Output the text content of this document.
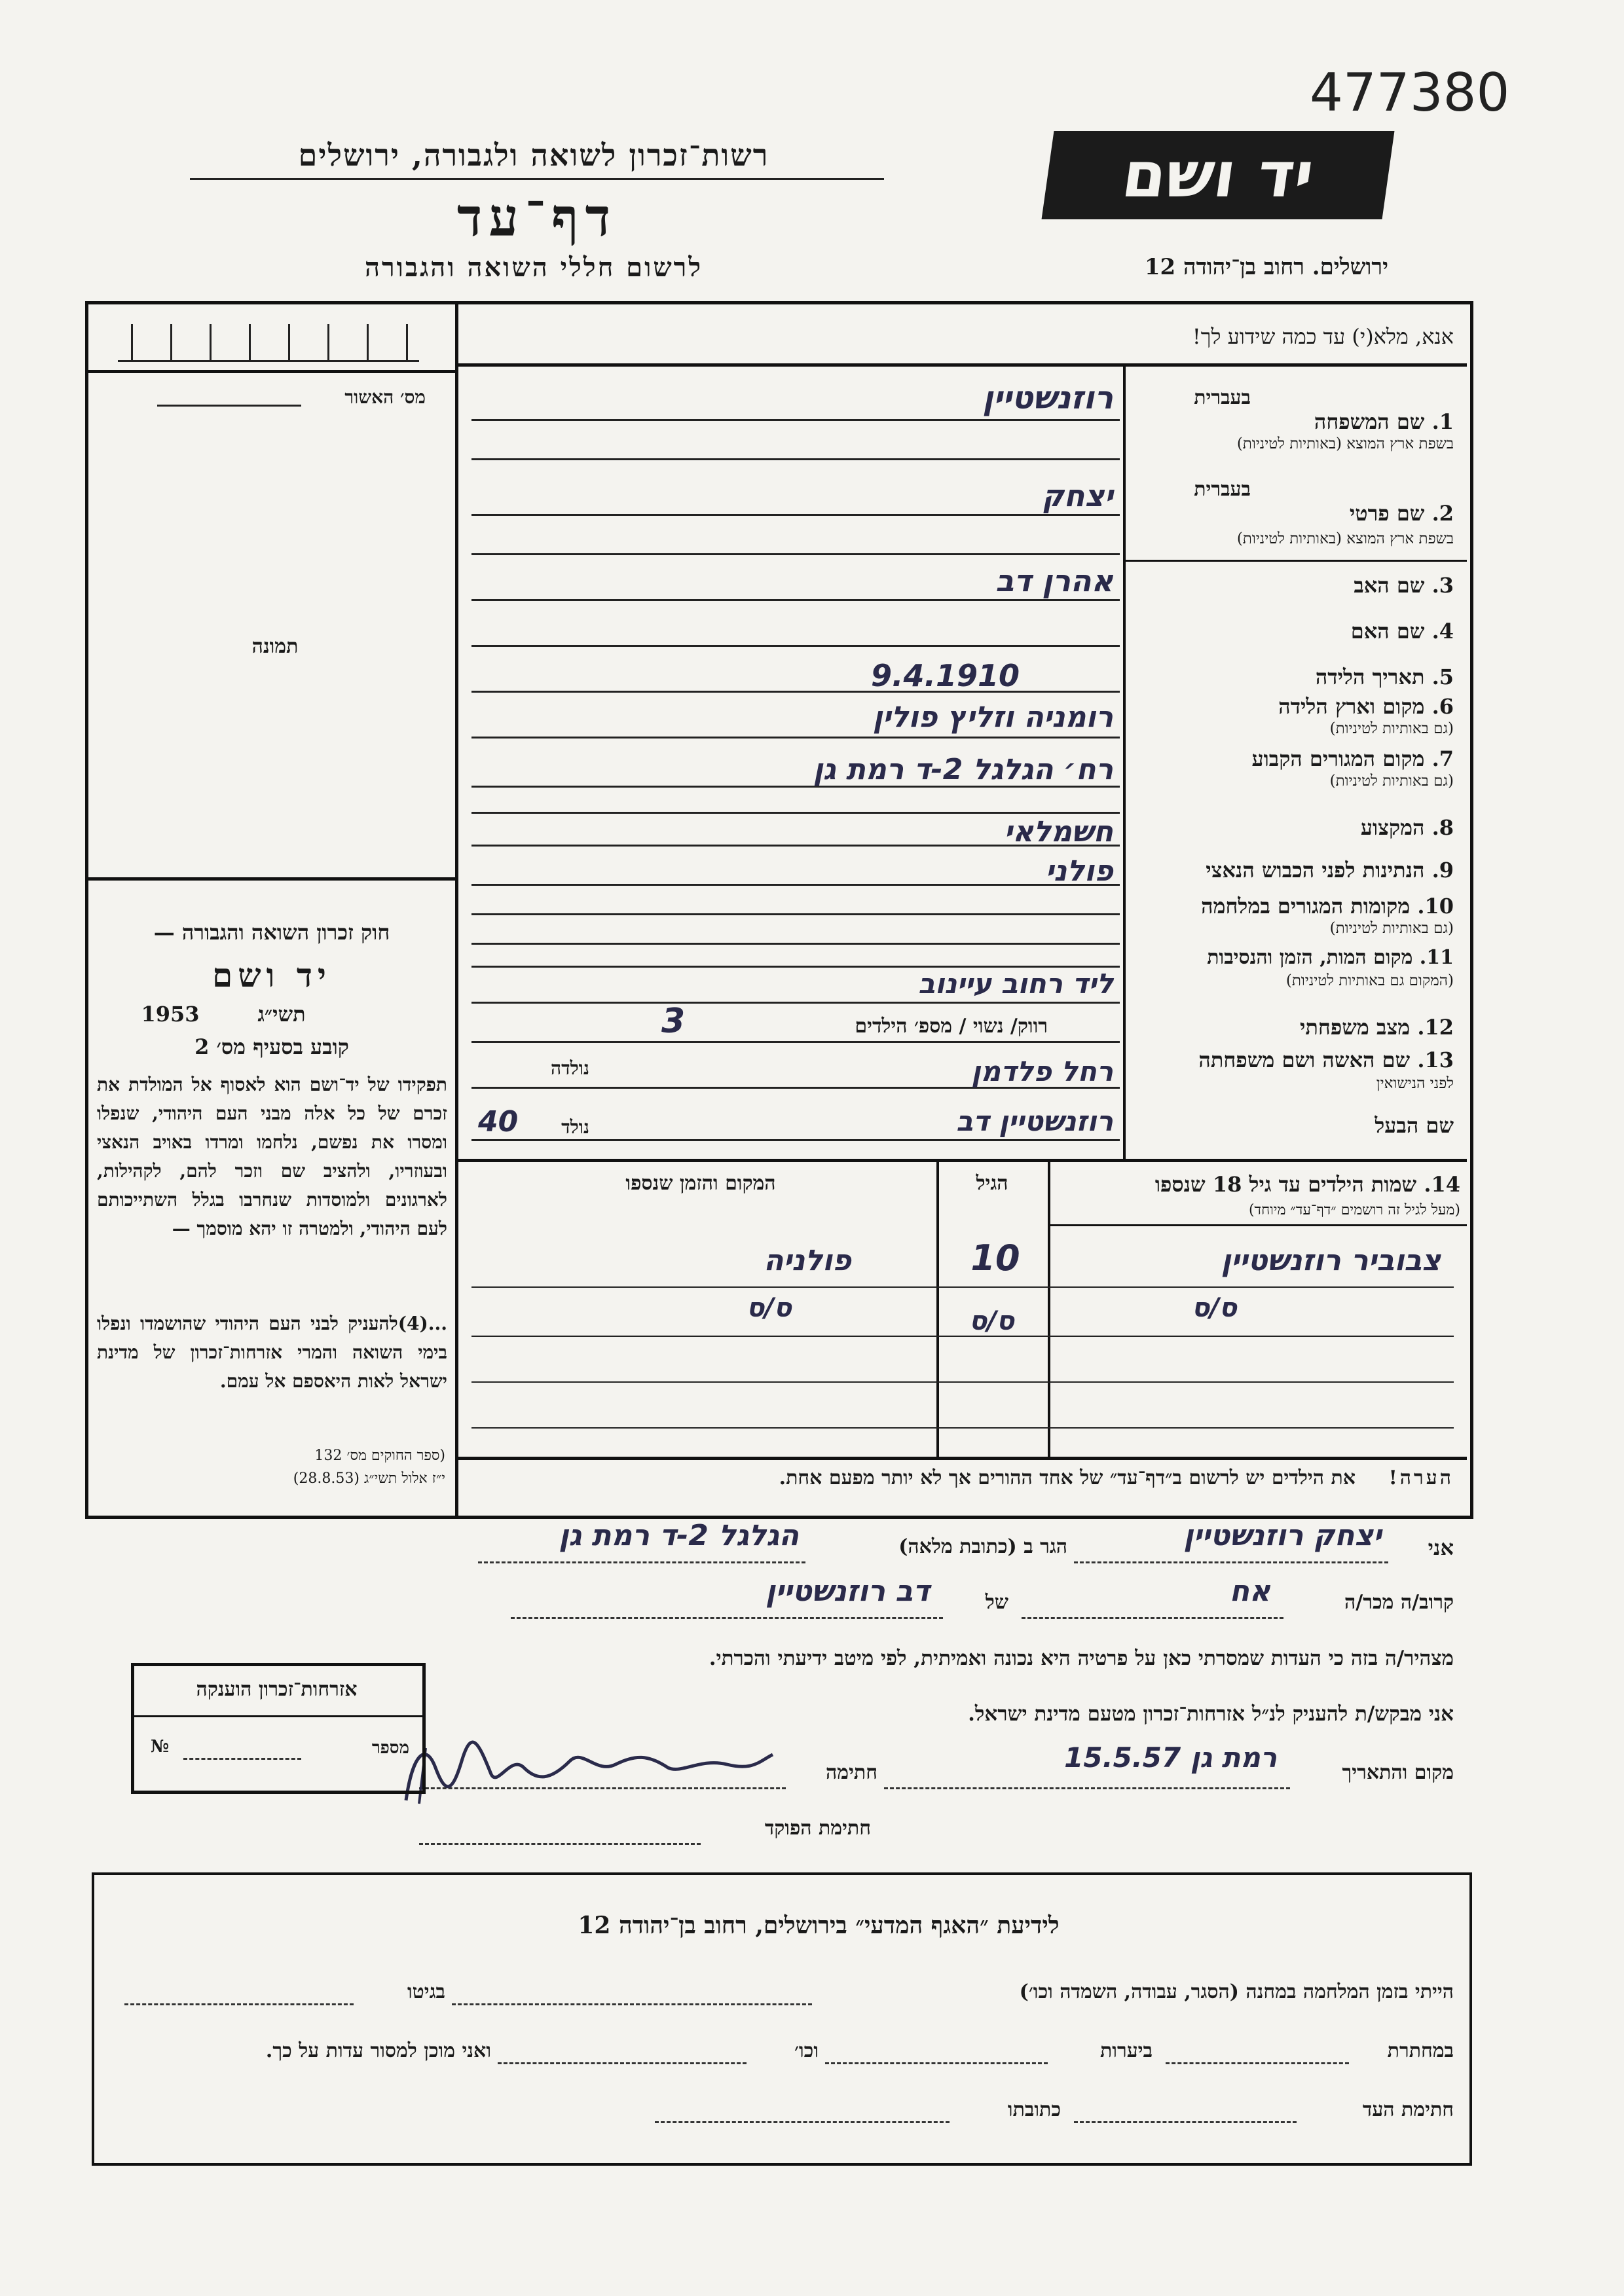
477380
רשות־זכרון לשואה ולגבורה, ירושלים
דף־עד
לרשום חללי השואה והגבורה
יד ושם
ירושלים. רחוב בן־יהודה 12
אנא, מלא(י) עד כמה שידוע לך!
מס׳ האשור
תמונה
חוק זכרון השואה והגבורה —
יד ושם
תשי״ג
1953
קובע בסעיף מס׳ 2
תפקידו של יד־ושם הוא לאסוף אל המולדת את זכרם של כל אלה מבני העם היהודי, שנפלו ומסרו את נפשם, נלחמו ומרדו באויב הנאצי ובעוזריו, ולהציב שם וזכר להם, לקהילות, לארגונים ולמוסדות שנחרבו בגלל השתייכותם לעם היהודי, ולמטרה זו יהא מוסמך —
...(4)להעניק לבני העם היהודי שהושמדו ונפלו בימי השואה והמרי אזרחות־זכרון של מדינת ישראל לאות היאספם אל עמם.
(ספר החוקים מס׳ 132
י״ז אלול תשי״ג (28.8.53)
בעברית
1. שם המשפחה
בשפת ארץ המוצא (באותיות לטיניות)
רוזנשטיין
בעברית
2. שם פרטי
בשפת ארץ המוצא (באותיות לטיניות)
יצחק
3. שם האב
אהרן דב
4. שם האם
5. תאריך הלידה
9.4.1910
6. מקום וארץ הלידה
(גם באותיות לטיניות)
רומניה וזליץ פולין
7. מקום המגורים הקבוע
(גם באותיות לטיניות)
רח׳ הגלגל 2-ד רמת גן
8. המקצוע
חשמלאי
9. הנתינות לפני הכבוש הנאצי
פולני
10. מקומות המגורים במלחמה
(גם באותיות לטיניות)
11. מקום המות, הזמן והנסיבות
(המקום גם באותיות לטיניות)
ליד רחוב עיינוב
12. מצב משפחתי
רווק/ נשוי / מספ׳ הילדים
3
13. שם האשה ושם משפחתה
לפני הנישואין
נולדה	רחל פלדמן
שם הבעל
נולד
40	רוזנשטיין דב
14. שמות הילדים עד גיל 18 שנספו
(מעל לגיל זה רושמים ״דף־עד״ מיוחד)
הגיל
המקום והזמן שנספו
צבוביר רוזנשטיין
10
פולניה
ס/ס
ס/ס
ס/ס
הערה!
את הילדים יש לרשום ב״דף־עד״ של אחד ההורים אך לא יותר מפעם אחת.
אני
יצחק רוזנשטיין
הגר ב (כתובת מלאה)
הגלגל 2-ד רמת גן
קרוב/ה מכר/ה
אח
של
דב רוזנשטיין
מצהיר/ה בזה כי העדות שמסרתי כאן על פרטיה היא נכונה ואמיתית, לפי מיטב ידיעתי והכרתי.
אני מבקש/ת להעניק לנ״ל אזרחות־זכרון מטעם מדינת ישראל.
מקום והתאריך
רמת גן 15.5.57
חתימה
חתימת הפוקד
אזרחות־זכרון הוענקה
מספר
№
לידיעת ״האגף המדעי״ בירושלים, רחוב בן־יהודה 12
הייתי בזמן המלחמה במחנה (הסגר, עבודה, השמדה וכו׳)
בגיטו
במחתרת
ביערות
וכו׳
ואני מוכן למסור עדות על כך.
חתימת העד
כתובתו
